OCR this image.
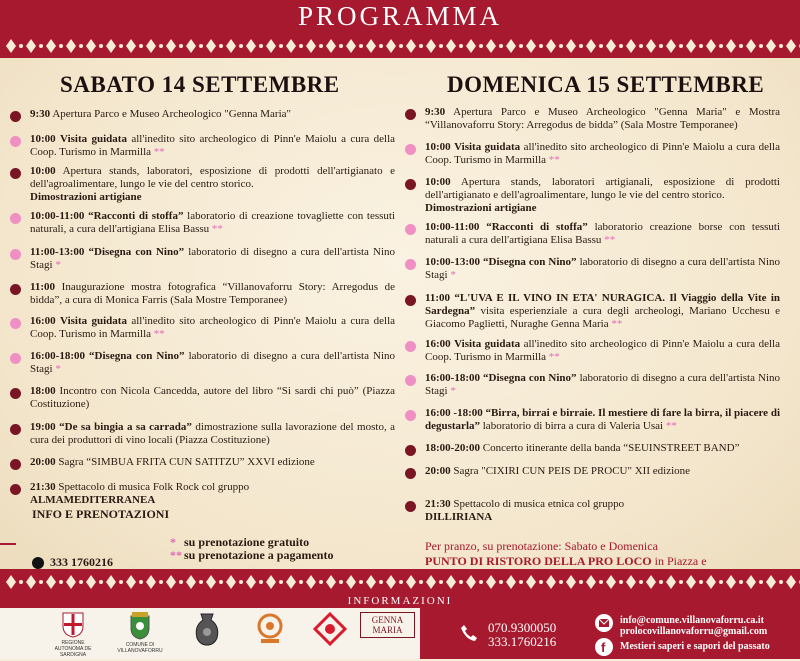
PROGRAMMA
SABATO 14 SETTEMBRE
9:30 Apertura Parco e Museo Archeologico "Genna Maria"

10:00 Visita guidata all'inedito sito archeologico di Pinn'e Maiolu a cura della Coop. Turismo in Marmilla **

10:00 Apertura stands, laboratori, esposizione di prodotti dell'artigianato e dell'agroalimentare, lungo le vie del centro storico.
Dimostrazioni artigiane
10:00-11:00 “Racconti di stoffa” laboratorio di creazione tovagliette con tessuti naturali, a cura dell'artigiana Elisa Bassu **

11:00-13:00 “Disegna con Nino” laboratorio di disegno a cura dell'artista Nino Stagi *

11:00 Inaugurazione mostra fotografica “Villanovaforru Story: Arregodus de bidda”, a cura di Monica Farris (Sala Mostre Temporanee)

16:00 Visita guidata all'inedito sito archeologico di Pinn'e Maiolu a cura della Coop. Turismo in Marmilla **

16:00-18:00 “Disegna con Nino” laboratorio di disegno a cura dell'artista Nino Stagi *

18:00 Incontro con Nicola Cancedda, autore del libro “Si sardi chi può” (Piazza Costituzione)

19:00 “De sa bingia a sa carrada” dimostrazione sulla lavorazione del mosto, a cura dei produttori di vino locali (Piazza Costituzione)

20:00 Sagra “SIMBUA FRITA CUN SATITZU” XXVI edizione

21:30 Spettacolo di musica Folk Rock col gruppo
ALMAMEDITERRANEA
DOMENICA 15 SETTEMBRE
9:30 Apertura Parco e Museo Archeologico "Genna Maria" e Mostra “Villanovaforru Story: Arregodus de bidda” (Sala Mostre Temporanee)

10:00 Visita guidata all'inedito sito archeologico di Pinn'e Maiolu a cura della Coop. Turismo in Marmilla **

10:00 Apertura stands, laboratori artigianali, esposizione di prodotti dell'artigianato e dell'agroalimentare, lungo le vie del centro storico.
Dimostrazioni artigiane
10:00-11:00 “Racconti di stoffa” laboratorio creazione borse con tessuti naturali a cura dell'artigiana Elisa Bassu **

10:00-13:00 “Disegna con Nino” laboratorio di disegno a cura dell'artista Nino Stagi *

11:00 “L'UVA E IL VINO IN ETA' NURAGICA. Il Viaggio della Vite in Sardegna” visita esperienziale a cura degli archeologi, Mariano Ucchesu e Giacomo Paglietti, Nuraghe Genna Maria **

16:00 Visita guidata all'inedito sito archeologico di Pinn'e Maiolu a cura della Coop. Turismo in Marmilla **

16:00-18:00 “Disegna con Nino” laboratorio di disegno a cura dell'artista Nino Stagi *

16:00 -18:00 “Birra, birrai e birraie. Il mestiere di fare la birra, il piacere di degustarla” laboratorio di birra a cura di Valeria Usai **

18:00-20:00 Concerto itinerante della banda “SEUINSTREET BAND”

20:00 Sagra "CIXIRI CUN PEIS DE PROCU" XII edizione

21:30 Spettacolo di musica etnica col gruppo
DILLIRIANA
INFO E PRENOTAZIONI
333 1760216
* su prenotazione gratuito
** su prenotazione a pagamento
Per pranzo, su prenotazione: Sabato e Domenica
PUNTO DI RISTORO DELLA PRO LOCO in Piazza e

INFORMAZIONI

REGIONE AUTONOMA DE SARDIGNA

COMUNE DI VILLANOVAFORRU
GENNA MARIA	070.9300050
333.1760216
info@comune.villanovaforru.ca.it
prolocovillanovaforru@gmail.com
f Mestieri saperi e sapori del passato
